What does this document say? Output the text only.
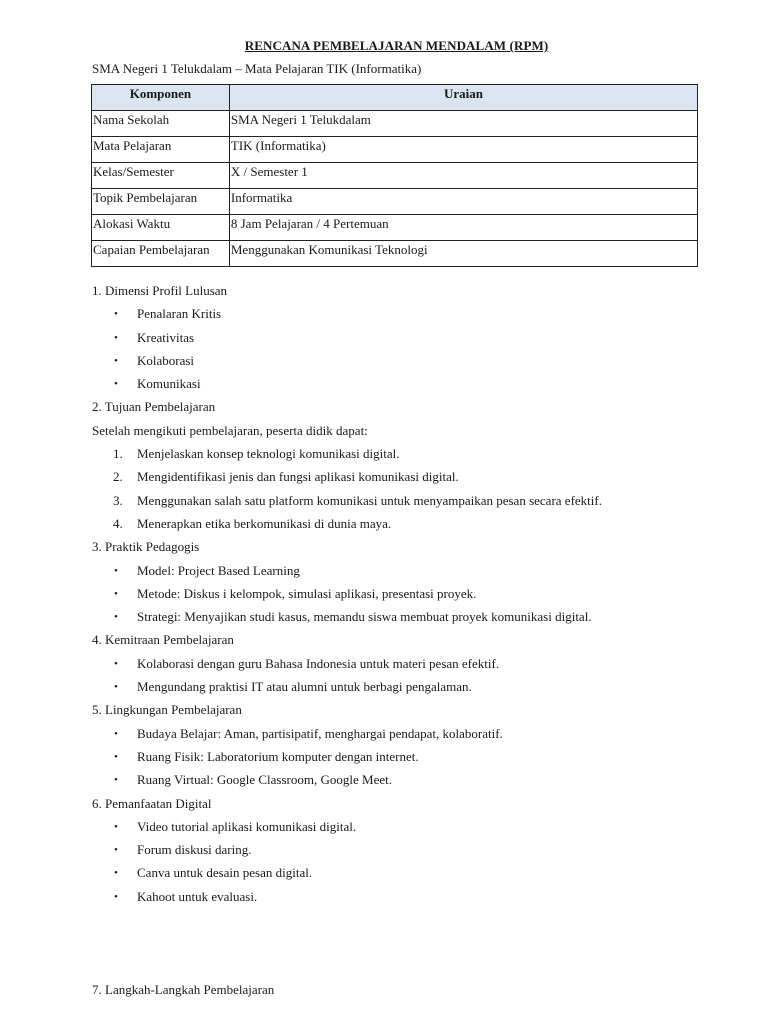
RENCANA PEMBELAJARAN MENDALAM (RPM)
SMA Negeri 1 Telukdalam – Mata Pelajaran TIK (Informatika)
Komponen	Uraian
Nama Sekolah	SMA Negeri 1 Telukdalam
Mata Pelajaran	TIK (Informatika)
Kelas/Semester	X / Semester 1
Topik Pembelajaran	Informatika
Alokasi Waktu	8 Jam Pelajaran / 4 Pertemuan
Capaian Pembelajaran	Menggunakan Komunikasi Teknologi
1. Dimensi Profil Lulusan
• Penalaran Kritis
• Kreativitas
• Kolaborasi
• Komunikasi
2. Tujuan Pembelajaran
Setelah mengikuti pembelajaran, peserta didik dapat:
1. Menjelaskan konsep teknologi komunikasi digital.
2. Mengidentifikasi jenis dan fungsi aplikasi komunikasi digital.
3. Menggunakan salah satu platform komunikasi untuk menyampaikan pesan secara efektif.
4. Menerapkan etika berkomunikasi di dunia maya.
3. Praktik Pedagogis
• Model: Project Based Learning
• Metode: Diskus i kelompok, simulasi aplikasi, presentasi proyek.
• Strategi: Menyajikan studi kasus, memandu siswa membuat proyek komunikasi digital.
4. Kemitraan Pembelajaran
• Kolaborasi dengan guru Bahasa Indonesia untuk materi pesan efektif.
• Mengundang praktisi IT atau alumni untuk berbagi pengalaman.
5. Lingkungan Pembelajaran
• Budaya Belajar: Aman, partisipatif, menghargai pendapat, kolaboratif.
• Ruang Fisik: Laboratorium komputer dengan internet.
• Ruang Virtual: Google Classroom, Google Meet.
6. Pemanfaatan Digital
• Video tutorial aplikasi komunikasi digital.
• Forum diskusi daring.
• Canva untuk desain pesan digital.
• Kahoot untuk evaluasi.
7. Langkah-Langkah Pembelajaran
